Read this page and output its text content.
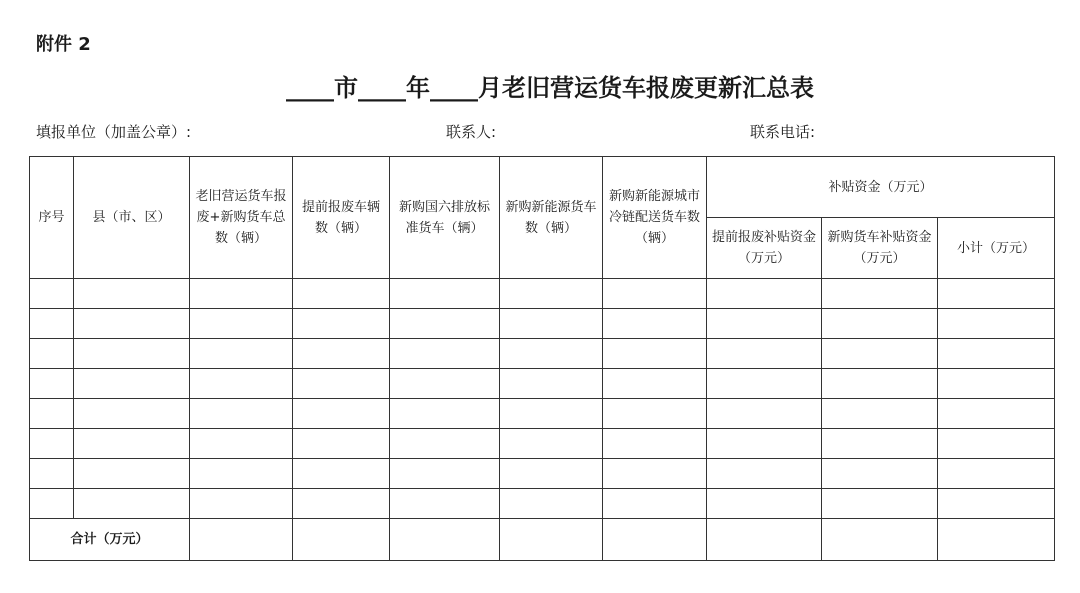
附件 2
____市____年____月老旧营运货车报废更新汇总表
填报单位（加盖公章）:	联系人:	联系电话:
序号	县（市、区）	老旧营运货车报废+新购货车总数（辆）	提前报废车辆数（辆）	新购国六排放标准货车（辆）	新购新能源货车数（辆）	新购新能源城市冷链配送货车数（辆）	补贴资金（万元）		
							提前报废补贴资金（万元）	新购货车补贴资金（万元）	小计（万元）

合计（万元）									
